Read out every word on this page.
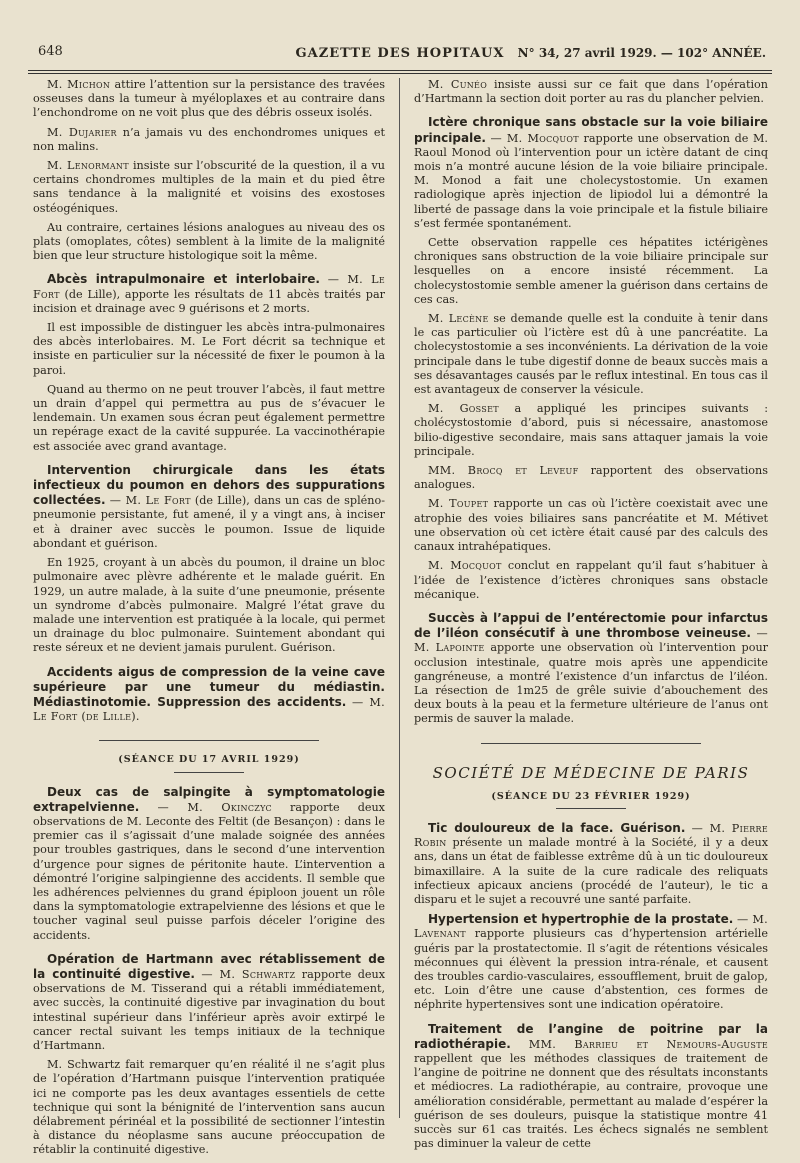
648	GAZETTE DES HOPITAUX	N° 34, 27 avril 1929. — 102° ANNÉE.

M. Michon attire l’attention sur la persistance des travées osseuses dans la tumeur à myéloplaxes et au contraire dans l’enchondrome on ne voit plus que des débris osseux isolés.

M. Dujarier n’a jamais vu des enchondromes uniques et non malins.

M. Lenormant insiste sur l’obscurité de la question, il a vu certains chondromes multiples de la main et du pied être sans tendance à la malignité et voisins des exostoses ostéogéniques.

Au contraire, certaines lésions analogues au niveau des os plats (omoplates, côtes) semblent à la limite de la malignité bien que leur structure histologique soit la même.

Abcès intrapulmonaire et interlobaire. — M. Le Fort (de Lille), apporte les résultats de 11 abcès traités par incision et drainage avec 9 guérisons et 2 morts.

Il est impossible de distinguer les abcès intra-pulmonaires des abcès interlobaires. M. Le Fort décrit sa technique et insiste en particulier sur la nécessité de fixer le poumon à la paroi.

Quand au thermo on ne peut trouver l’abcès, il faut mettre un drain d’appel qui permettra au pus de s’évacuer le lendemain. Un examen sous écran peut également permettre un repérage exact de la cavité suppurée. La vaccinothérapie est associée avec grand avantage.

Intervention chirurgicale dans les états infectieux du poumon en dehors des suppurations collectées. — M. Le Fort (de Lille), dans un cas de spléno-pneumonie persistante, fut amené, il y a vingt ans, à inciser et à drainer avec succès le poumon. Issue de liquide abondant et guérison.

En 1925, croyant à un abcès du poumon, il draine un bloc pulmonaire avec plèvre adhérente et le malade guérit. En 1929, un autre malade, à la suite d’une pneumonie, présente un syndrome d’abcès pulmonaire. Malgré l’état grave du malade une intervention est pratiquée à la locale, qui permet un drainage du bloc pulmonaire. Suintement abondant qui reste séreux et ne devient jamais purulent. Guérison.

Accidents aigus de compression de la veine cave supérieure par une tumeur du médiastin. Médiastinotomie. Suppression des accidents. — M. Le Fort (de Lille).

(SÉANCE DU 17 AVRIL 1929)

Deux cas de salpingite à symptomatologie extrapelvienne. — M. Okinczyc rapporte deux observations de M. Leconte des Feltit (de Besançon) : dans le premier cas il s’agissait d’une malade soignée des années pour troubles gastriques, dans le second d’une intervention d’urgence pour signes de péritonite haute. L’intervention a démontré l’origine salpingienne des accidents. Il semble que les adhérences pelviennes du grand épiploon jouent un rôle dans la symptomatologie extrapelvienne des lésions et que le toucher vaginal seul puisse parfois déceler l’origine des accidents.

Opération de Hartmann avec rétablissement de la continuité digestive. — M. Schwartz rapporte deux observations de M. Tisserand qui a rétabli immédiatement, avec succès, la continuité digestive par invagination du bout intestinal supérieur dans l’inférieur après avoir extirpé le cancer rectal suivant les temps initiaux de la technique d’Hartmann.

M. Schwartz fait remarquer qu’en réalité il ne s’agit plus de l’opération d’Hartmann puisque l’intervention pratiquée ici ne comporte pas les deux avantages essentiels de cette technique qui sont la bénignité de l’intervention sans aucun délabrement périnéal et la possibilité de sectionner l’intestin à distance du néoplasme sans aucune préoccupation de rétablir la continuité digestive.

M. Cunéo insiste aussi sur ce fait que dans l’opération d’Hartmann la section doit porter au ras du plancher pelvien.

Ictère chronique sans obstacle sur la voie biliaire principale. — M. Mocquot rapporte une observation de M. Raoul Monod où l’intervention pour un ictère datant de cinq mois n’a montré aucune lésion de la voie biliaire principale. M. Monod a fait une cholecystostomie. Un examen radiologique après injection de lipiodol lui a démontré la liberté de passage dans la voie principale et la fistule biliaire s’est fermée spontanément.

Cette observation rappelle ces hépatites ictérigènes chroniques sans obstruction de la voie biliaire principale sur lesquelles on a encore insisté récemment. La cholecystostomie semble amener la guérison dans certains de ces cas.

M. Lecène se demande quelle est la conduite à tenir dans le cas particulier où l’ictère est dû à une pancréatite. La cholecystostomie a ses inconvénients. La dérivation de la voie principale dans le tube digestif donne de beaux succès mais a ses désavantages causés par le reflux intestinal. En tous cas il est avantageux de conserver la vésicule.

M. Gosset a appliqué les principes suivants : cholécystostomie d’abord, puis si nécessaire, anastomose bilio-digestive secondaire, mais sans attaquer jamais la voie principale.

MM. Brocq et Leveuf rapportent des observations analogues.

M. Toupet rapporte un cas où l’ictère coexistait avec une atrophie des voies biliaires sans pancréatite et M. Métivet une observation où cet ictère était causé par des calculs des canaux intrahépatiques.

M. Mocquot conclut en rappelant qu’il faut s’habituer à l’idée de l’existence d’ictères chroniques sans obstacle mécanique.

Succès à l’appui de l’entérectomie pour infarctus de l’iléon consécutif à une thrombose veineuse. — M. Lapointe apporte une observation où l’intervention pour occlusion intestinale, quatre mois après une appendicite gangréneuse, a montré l’existence d’un infarctus de l’iléon. La résection de 1m25 de grêle suivie d’abouchement des deux bouts à la peau et la fermeture ultérieure de l’anus ont permis de sauver la malade.

SOCIÉTÉ DE MÉDECINE DE PARIS
(SÉANCE DU 23 FÉVRIER 1929)

Tic douloureux de la face. Guérison. — M. Pierre Robin présente un malade montré à la Société, il y a deux ans, dans un état de faiblesse extrême dû à un tic douloureux bimaxillaire. A la suite de la cure radicale des reliquats infectieux apicaux anciens (procédé de l’auteur), le tic a disparu et le sujet a recouvré une santé parfaite.

Hypertension et hypertrophie de la prostate. — M. Lavenant rapporte plusieurs cas d’hypertension artérielle guéris par la prostatectomie. Il s’agit de rétentions vésicales méconnues qui élèvent la pression intra-rénale, et causent des troubles cardio-vasculaires, essoufflement, bruit de galop, etc. Loin d’être une cause d’abstention, ces formes de néphrite hypertensives sont une indication opératoire.

Traitement de l’angine de poitrine par la radiothérapie. MM. Barrieu et Nemours-Auguste rappellent que les méthodes classiques de traitement de l’angine de poitrine ne donnent que des résultats inconstants et médiocres. La radiothérapie, au contraire, provoque une amélioration considérable, permettant au malade d’espérer la guérison de ses douleurs, puisque la statistique montre 41 succès sur 61 cas traités. Les échecs signalés ne semblent pas diminuer la valeur de cette
